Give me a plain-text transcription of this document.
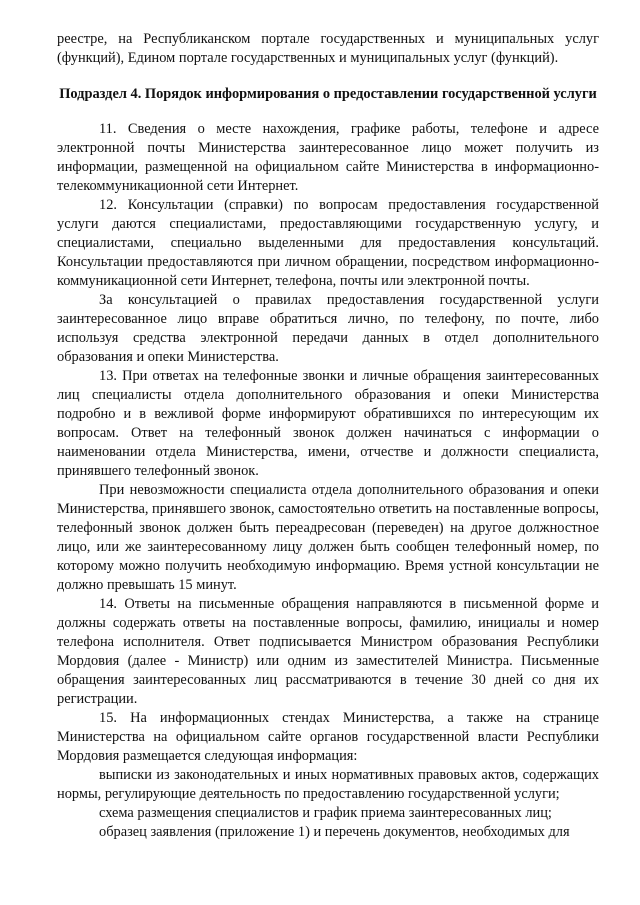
реестре, на Республиканском портале государственных и муниципальных услуг (функций), Едином портале государственных и муниципальных услуг (функций).

Подраздел 4. Порядок информирования о предоставлении государственной услуги

11. Сведения о месте нахождения, графике работы, телефоне и адресе электронной почты Министерства заинтересованное лицо может получить из информации, размещенной на официальном сайте Министерства в информационно-телекоммуникационной сети Интернет.

12. Консультации (справки) по вопросам предоставления государственной услуги даются специалистами, предоставляющими государственную услугу, и специалистами, специально выделенными для предоставления консультаций. Консультации предоставляются при личном обращении, посредством информационно-коммуникационной сети Интернет, телефона, почты или электронной почты.

За консультацией о правилах предоставления государственной услуги заинтересованное лицо вправе обратиться лично, по телефону, по почте, либо используя средства электронной передачи данных в отдел дополнительного образования и опеки Министерства.

13. При ответах на телефонные звонки и личные обращения заинтересованных лиц специалисты отдела дополнительного образования и опеки Министерства подробно и в вежливой форме информируют обратившихся по интересующим их вопросам. Ответ на телефонный звонок должен начинаться с информации о наименовании отдела Министерства, имени, отчестве и должности специалиста, принявшего телефонный звонок.

При невозможности специалиста отдела дополнительного образования и опеки Министерства, принявшего звонок, самостоятельно ответить на поставленные вопросы, телефонный звонок должен быть переадресован (переведен) на другое должностное лицо, или же заинтересованному лицу должен быть сообщен телефонный номер, по которому можно получить необходимую информацию. Время устной консультации не должно превышать 15 минут.

14. Ответы на письменные обращения направляются в письменной форме и должны содержать ответы на поставленные вопросы, фамилию, инициалы и номер телефона исполнителя. Ответ подписывается Министром образования Республики Мордовия (далее - Министр) или одним из заместителей Министра. Письменные обращения заинтересованных лиц рассматриваются в течение 30 дней со дня их регистрации.

15. На информационных стендах Министерства, а также на странице Министерства на официальном сайте органов государственной власти Республики Мордовия размещается следующая информация:

выписки из законодательных и иных нормативных правовых актов, содержащих нормы, регулирующие деятельность по предоставлению государственной услуги;

схема размещения специалистов и график приема заинтересованных лиц;

образец заявления (приложение 1) и перечень документов, необходимых для
